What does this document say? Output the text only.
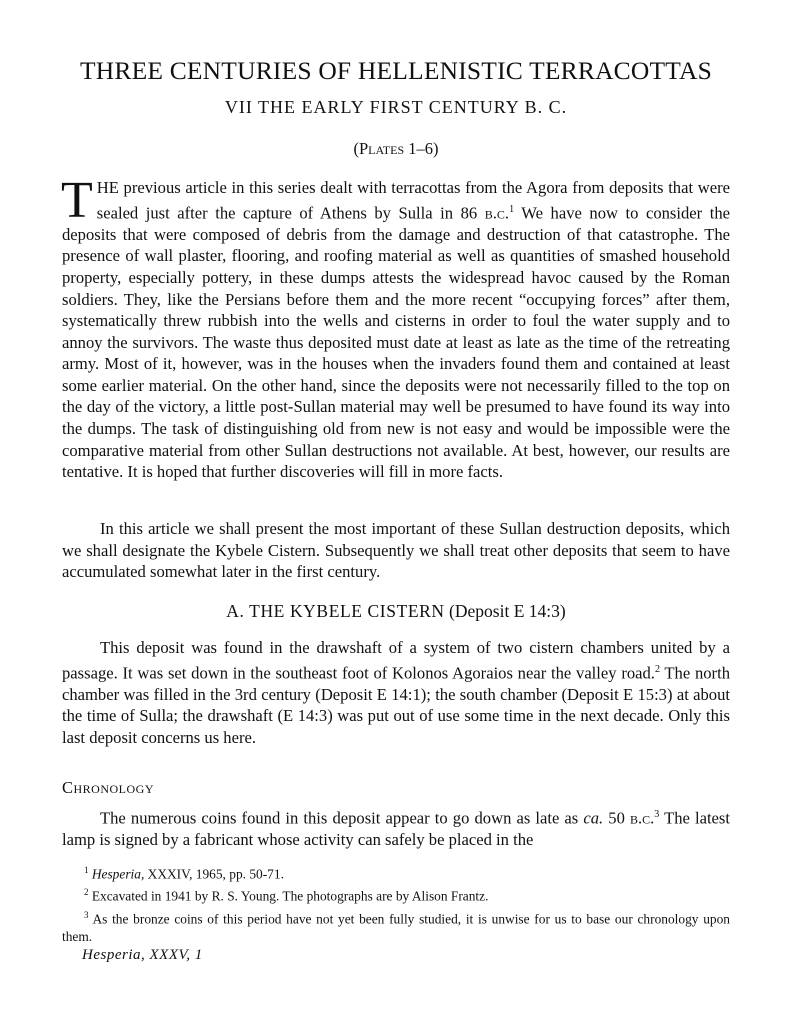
THREE CENTURIES OF HELLENISTIC TERRACOTTAS
VII THE EARLY FIRST CENTURY B. C.
(Plates 1–6)

THE previous article in this series dealt with terracottas from the Agora from deposits that were sealed just after the capture of Athens by Sulla in 86 b.c.$^1$ We have now to consider the deposits that were composed of debris from the damage and destruction of that catastrophe. The presence of wall plaster, flooring, and roofing material as well as quantities of smashed household property, especially pottery, in these dumps attests the widespread havoc caused by the Roman soldiers. They, like the Persians before them and the more recent “occupying forces” after them, systematically threw rubbish into the wells and cisterns in order to foul the water supply and to annoy the survivors. The waste thus deposited must date at least as late as the time of the retreating army. Most of it, however, was in the houses when the invaders found them and contained at least some earlier material. On the other hand, since the deposits were not necessarily filled to the top on the day of the victory, a little post-Sullan material may well be presumed to have found its way into the dumps. The task of distinguishing old from new is not easy and would be impossible were the comparative material from other Sullan destructions not available. At best, however, our results are tentative. It is hoped that further discoveries will fill in more facts.

In this article we shall present the most important of these Sullan destruction deposits, which we shall designate the Kybele Cistern. Subsequently we shall treat other deposits that seem to have accumulated somewhat later in the first century.

A. THE KYBELE CISTERN (Deposit E 14:3)

This deposit was found in the drawshaft of a system of two cistern chambers united by a passage. It was set down in the southeast foot of Kolonos Agoraios near the valley road.$^2$ The north chamber was filled in the 3rd century (Deposit E 14:1); the south chamber (Deposit E 15:3) at about the time of Sulla; the drawshaft (E 14:3) was put out of use some time in the next decade. Only this last deposit concerns us here.

Chronology

The numerous coins found in this deposit appear to go down as late as ca. 50 b.c.$^3$ The latest lamp is signed by a fabricant whose activity can safely be placed in the

$^1$ Hesperia, XXXIV, 1965, pp. 50-71.

$^2$ Excavated in 1941 by R. S. Young. The photographs are by Alison Frantz.

$^3$ As the bronze coins of this period have not yet been fully studied, it is unwise for us to base our chronology upon them.

Hesperia, XXXV, 1
